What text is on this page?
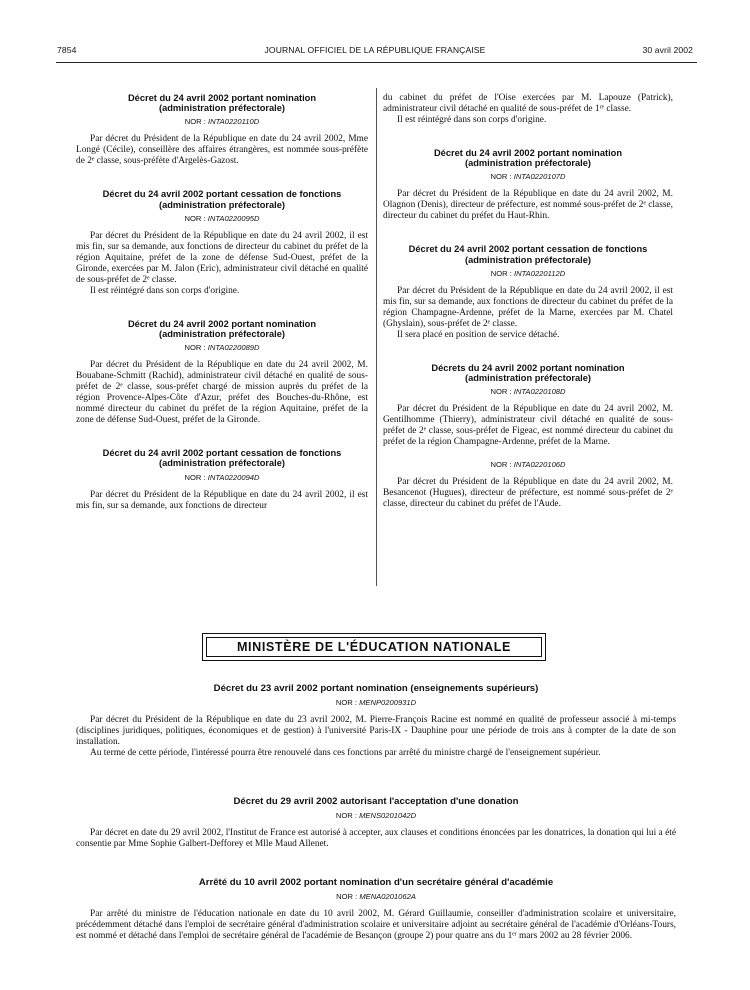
7854	JOURNAL OFFICIEL DE LA RÉPUBLIQUE FRANÇAISE	30 avril 2002
Décret du 24 avril 2002 portant nomination
(administration préfectorale)
NOR : INTA0220110D

Par décret du Président de la République en date du 24 avril 2002, Mme Longé (Cécile), conseillère des affaires étrangères, est nommée sous-préfète de 2ᵉ classe, sous-préfète d'Argelès-Gazost.

Décret du 24 avril 2002 portant cessation de fonctions
(administration préfectorale)
NOR : INTA0220095D

Par décret du Président de la République en date du 24 avril 2002, il est mis fin, sur sa demande, aux fonctions de directeur du cabinet du préfet de la région Aquitaine, préfet de la zone de défense Sud-Ouest, préfet de la Gironde, exercées par M. Jalon (Eric), administrateur civil détaché en qualité de sous-préfet de 2ᵉ classe.

Il est réintégré dans son corps d'origine.

Décret du 24 avril 2002 portant nomination
(administration préfectorale)
NOR : INTA0220089D

Par décret du Président de la République en date du 24 avril 2002, M. Bouabane-Schmitt (Rachid), administrateur civil détaché en qualité de sous-préfet de 2ᵉ classe, sous-préfet chargé de mission auprès du préfet de la région Provence-Alpes-Côte d'Azur, préfet des Bouches-du-Rhône, est nommé directeur du cabinet du préfet de la région Aquitaine, préfet de la zone de défense Sud-Ouest, préfet de la Gironde.

Décret du 24 avril 2002 portant cessation de fonctions
(administration préfectorale)
NOR : INTA0220094D

Par décret du Président de la République en date du 24 avril 2002, il est mis fin, sur sa demande, aux fonctions de directeur

du cabinet du préfet de l'Oise exercées par M. Lapouze (Patrick), administrateur civil détaché en qualité de sous-préfet de 1ʳᵉ classe.

Il est réintégré dans son corps d'origine.

Décret du 24 avril 2002 portant nomination
(administration préfectorale)
NOR : INTA0220107D

Par décret du Président de la République en date du 24 avril 2002, M. Olagnon (Denis), directeur de préfecture, est nommé sous-préfet de 2ᵉ classe, directeur du cabinet du préfet du Haut-Rhin.

Décret du 24 avril 2002 portant cessation de fonctions
(administration préfectorale)
NOR : INTA0220112D

Par décret du Président de la République en date du 24 avril 2002, il est mis fin, sur sa demande, aux fonctions de directeur du cabinet du préfet de la région Champagne-Ardenne, préfet de la Marne, exercées par M. Chatel (Ghyslain), sous-préfet de 2ᵉ classe.

Il sera placé en position de service détaché.

Décrets du 24 avril 2002 portant nomination
(administration préfectorale)
NOR : INTA0220108D

Par décret du Président de la République en date du 24 avril 2002, M. Gentilhomme (Thierry), administrateur civil détaché en qualité de sous-préfet de 2ᵉ classe, sous-préfet de Figeac, est nommé directeur du cabinet du préfet de la région Champagne-Ardenne, préfet de la Marne.

NOR : INTA0220106D

Par décret du Président de la République en date du 24 avril 2002, M. Besancenot (Hugues), directeur de préfecture, est nommé sous-préfet de 2ᵉ classe, directeur du cabinet du préfet de l'Aude.

MINISTÈRE DE L'ÉDUCATION NATIONALE
Décret du 23 avril 2002 portant nomination (enseignements supérieurs)
NOR : MENP0200931D

Par décret du Président de la République en date du 23 avril 2002, M. Pierre-François Racine est nommé en qualité de professeur associé à mi-temps (disciplines juridiques, politiques, économiques et de gestion) à l'université Paris-IX - Dauphine pour une période de trois ans à compter de la date de son installation.

Au terme de cette période, l'intéressé pourra être renouvelé dans ces fonctions par arrêté du ministre chargé de l'enseignement supérieur.

Décret du 29 avril 2002 autorisant l'acceptation d'une donation
NOR : MENS0201042D

Par décret en date du 29 avril 2002, l'Institut de France est autorisé à accepter, aux clauses et conditions énoncées par les donatrices, la donation qui lui a été consentie par Mme Sophie Galbert-Defforey et Mlle Maud Allenet.

Arrêté du 10 avril 2002 portant nomination d'un secrétaire général d'académie
NOR : MENA0201062A

Par arrêté du ministre de l'éducation nationale en date du 10 avril 2002, M. Gérard Guillaumie, conseiller d'administration scolaire et universitaire, précédemment détaché dans l'emploi de secrétaire général d'administration scolaire et universitaire adjoint au secrétaire général de l'académie d'Orléans-Tours, est nommé et détaché dans l'emploi de secrétaire général de l'académie de Besançon (groupe 2) pour quatre ans du 1ᵉʳ mars 2002 au 28 février 2006.
